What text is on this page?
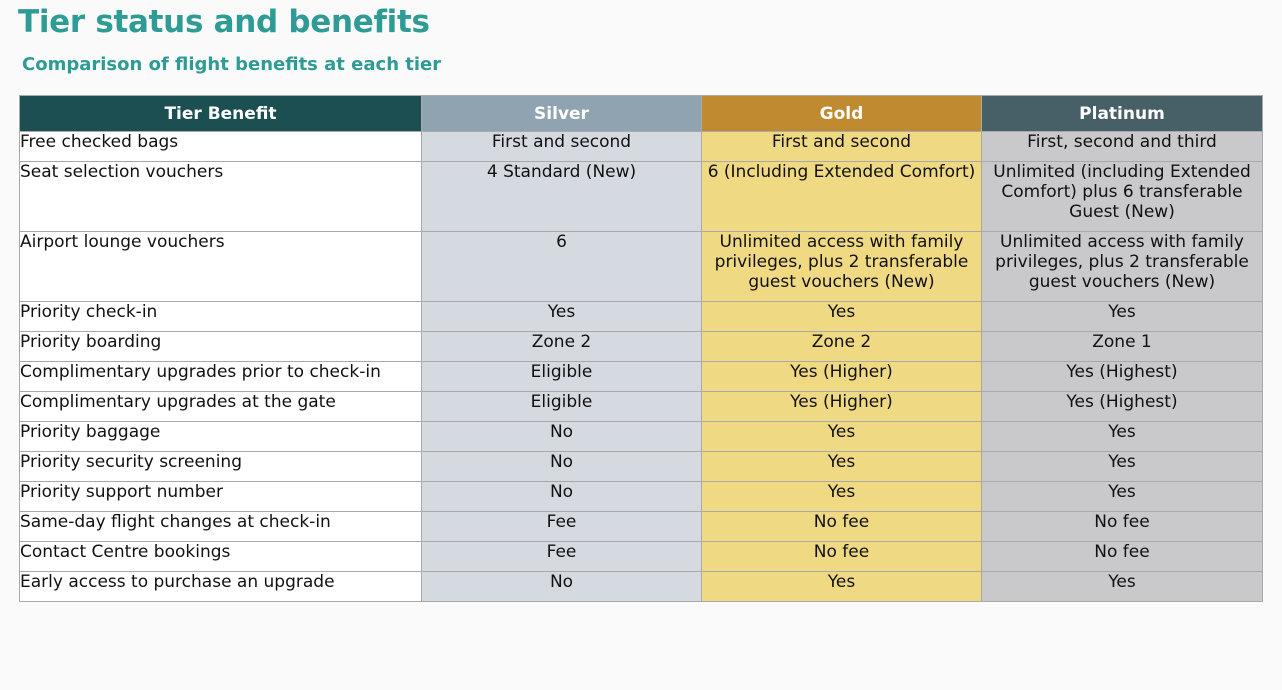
Tier status and benefits
Comparison of flight benefits at each tier
Tier Benefit	Silver	Gold	Platinum
Free checked bags	First and second	First and second	First, second and third
Seat selection vouchers	4 Standard (New)	6 (Including Extended Comfort)	Unlimited (including Extended Comfort) plus 6 transferable Guest (New)
Airport lounge vouchers	6	Unlimited access with family privileges, plus 2 transferable guest vouchers (New)	Unlimited access with family privileges, plus 2 transferable guest vouchers (New)
Priority check-in	Yes	Yes	Yes
Priority boarding	Zone 2	Zone 2	Zone 1
Complimentary upgrades prior to check-in	Eligible	Yes (Higher)	Yes (Highest)
Complimentary upgrades at the gate	Eligible	Yes (Higher)	Yes (Highest)
Priority baggage	No	Yes	Yes
Priority security screening	No	Yes	Yes
Priority support number	No	Yes	Yes
Same-day flight changes at check-in	Fee	No fee	No fee
Contact Centre bookings	Fee	No fee	No fee
Early access to purchase an upgrade	No	Yes	Yes
